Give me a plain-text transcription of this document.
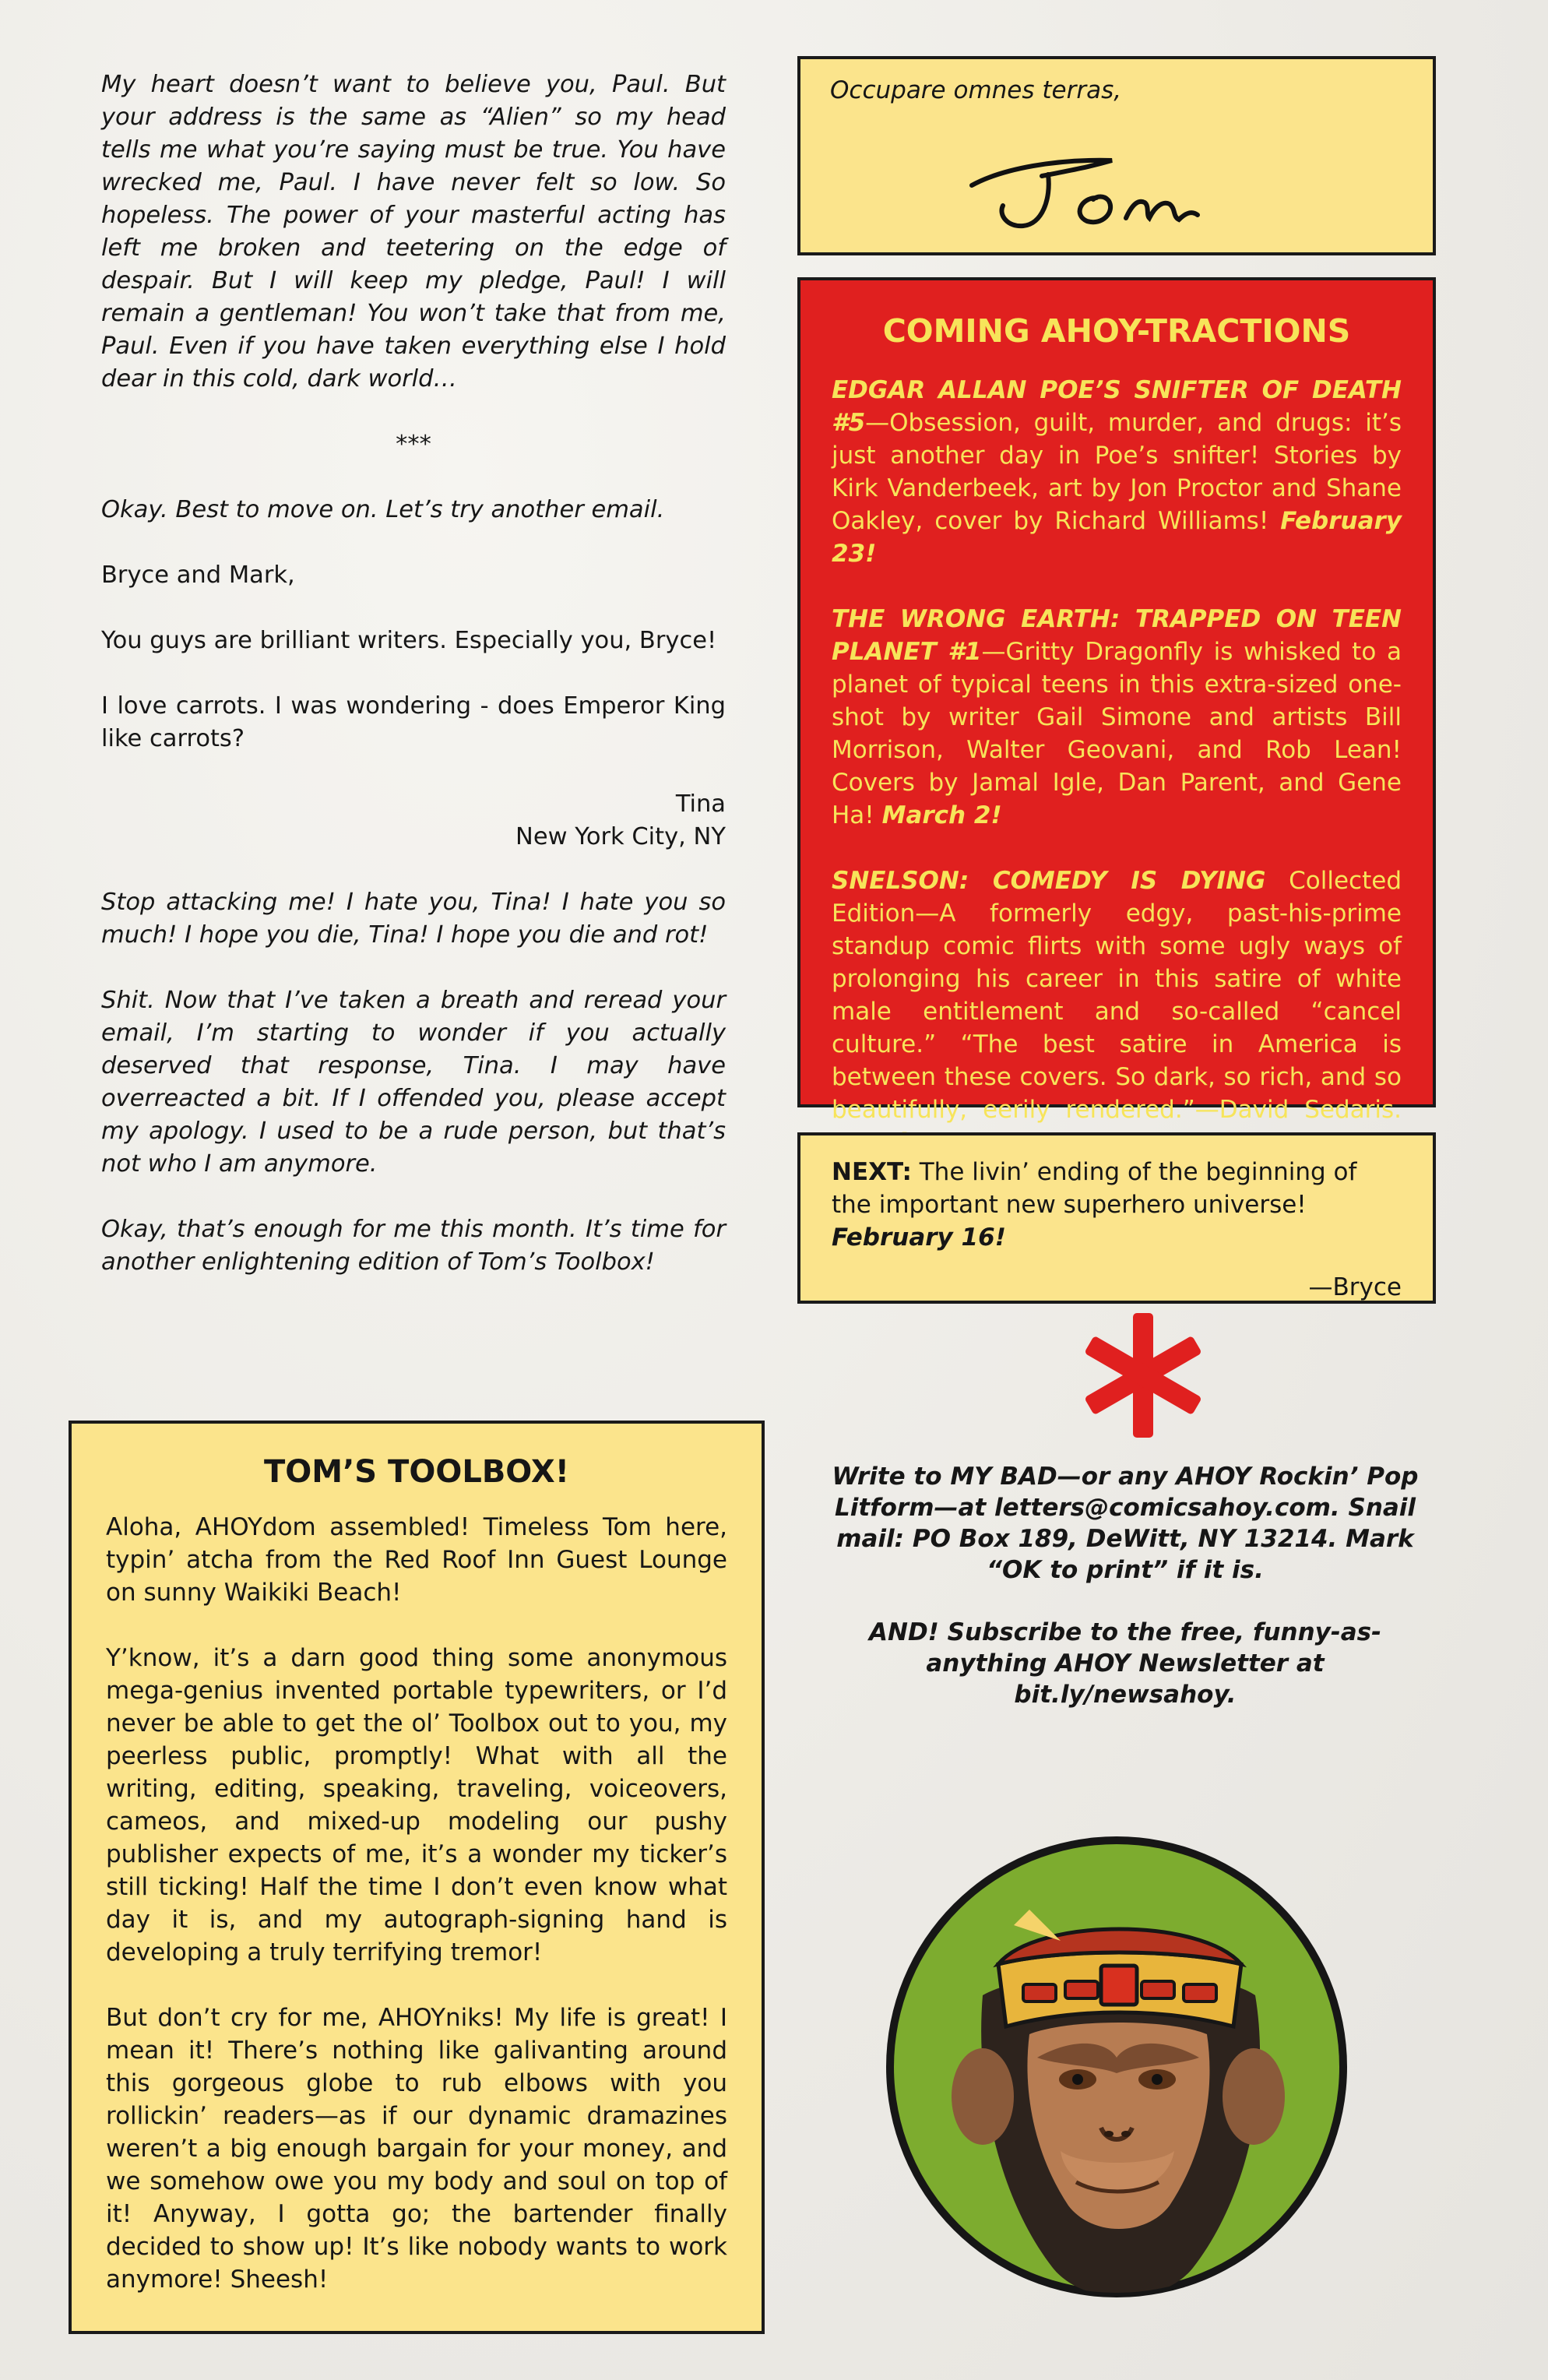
My heart doesn’t want to believe you, Paul. But your address is the same as “Alien” so my head tells me what you’re saying must be true. You have wrecked me, Paul. I have never felt so low. So hopeless. The power of your masterful acting has left me broken and teetering on the edge of despair. But I will keep my pledge, Paul! I will remain a gentleman! You won’t take that from me, Paul. Even if you have taken everything else I hold dear in this cold, dark world…

***

Okay. Best to move on. Let’s try another email.

Bryce and Mark,

You guys are brilliant writers. Especially you, Bryce!

I love carrots. I was wondering - does Emperor King like carrots?

Tina

New York City, NY

Stop attacking me! I hate you, Tina! I hate you so much! I hope you die, Tina! I hope you die and rot!

Shit. Now that I’ve taken a breath and reread your email, I’m starting to wonder if you actually deserved that response, Tina. I may have overreacted a bit. If I offended you, please accept my apology. I used to be a rude person, but that’s not who I am anymore.

Okay, that’s enough for me this month. It’s time for another enlightening edition of Tom’s Toolbox!

Occupare omnes terras,
COMING AHOY-TRACTIONS

EDGAR ALLAN POE’S SNIFTER OF DEATH #5—Obsession, guilt, murder, and drugs: it’s just another day in Poe’s snifter! Stories by Kirk Vanderbeek, art by Jon Proctor and Shane Oakley, cover by Richard Williams! February 23!

THE WRONG EARTH: TRAPPED ON TEEN PLANET #1—Gritty Dragonfly is whisked to a planet of typical teens in this extra-sized one-shot by writer Gail Simone and artists Bill Morrison, Walter Geovani, and Rob Lean! Covers by Jamal Igle, Dan Parent, and Gene Ha! March 2!

SNELSON: COMEDY IS DYING Collected Edition—A formerly edgy, past-his-prime standup comic flirts with some ugly ways of prolonging his career in this satire of white male entitlement and so-called “cancel culture.” “The best satire in America is between these covers. So dark, so rich, and so beautifully, eerily rendered.”—David Sedaris.

NEXT: The livin’ ending of the beginning of the important new superhero universe! February 16!

—Bryce

Write to MY BAD—or any AHOY Rockin’ Pop Litform—at letters@comicsahoy.com. Snail mail: PO Box 189, DeWitt, NY 13214. Mark “OK to print” if it is.

AND! Subscribe to the free, funny-as-anything AHOY Newsletter at bit.ly/newsahoy.

TOM’S TOOLBOX!

Aloha, AHOYdom assembled! Timeless Tom here, typin’ atcha from the Red Roof Inn Guest Lounge on sunny Waikiki Beach!

Y’know, it’s a darn good thing some anonymous mega-genius invented portable typewriters, or I’d never be able to get the ol’ Toolbox out to you, my peerless public, promptly! What with all the writing, editing, speaking, traveling, voiceovers, cameos, and mixed-up modeling our pushy publisher expects of me, it’s a wonder my ticker’s still ticking! Half the time I don’t even know what day it is, and my autograph-signing hand is developing a truly terrifying tremor!

But don’t cry for me, AHOYniks! My life is great! I mean it! There’s nothing like galivanting around this gorgeous globe to rub elbows with you rollickin’ readers—as if our dynamic dramazines weren’t a big enough bargain for your money, and we somehow owe you my body and soul on top of it! Anyway, I gotta go; the bartender finally decided to show up! It’s like nobody wants to work anymore! Sheesh!
